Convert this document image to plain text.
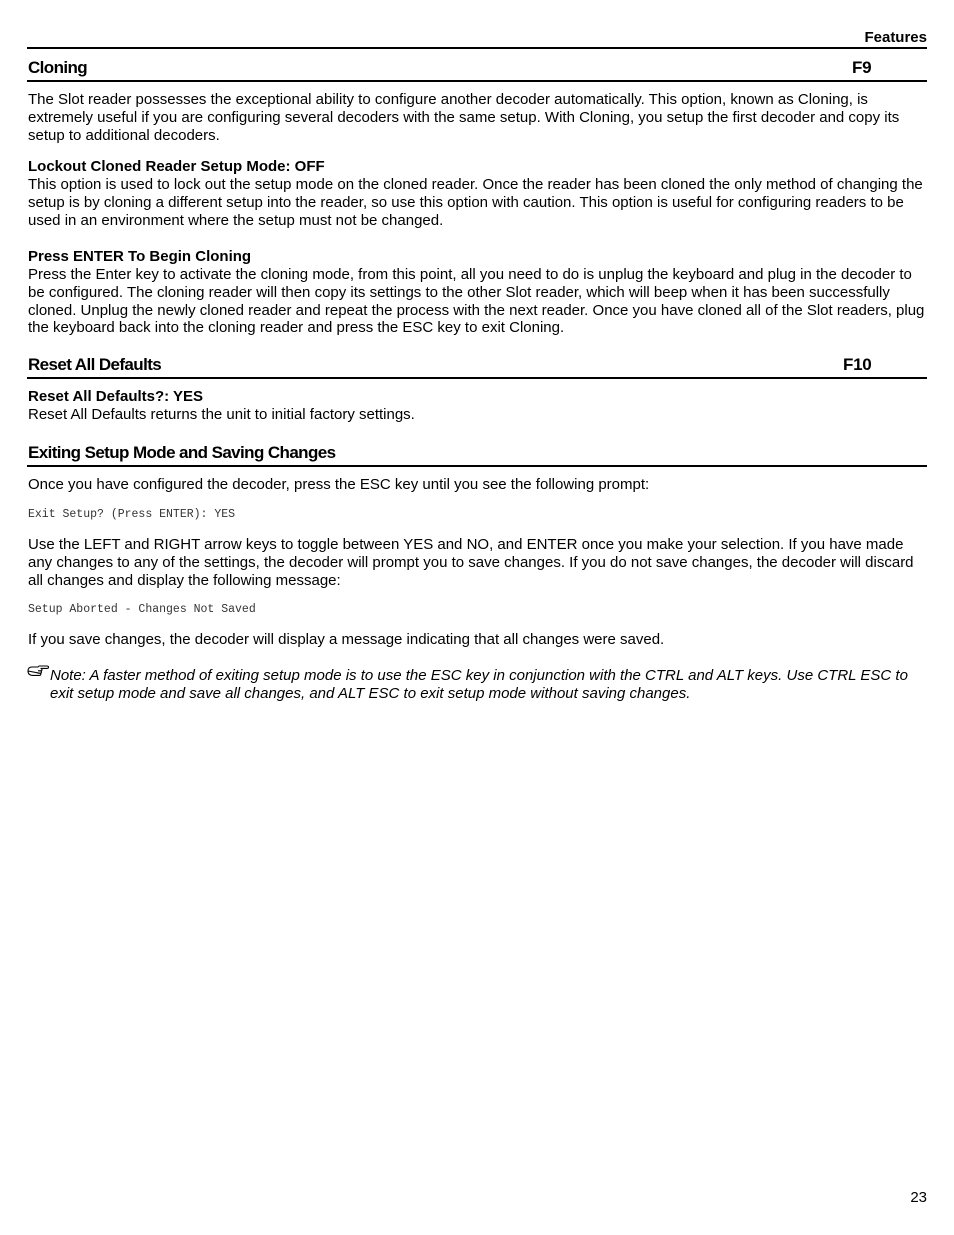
Features
Cloning	F9

The Slot reader possesses the exceptional ability to configure another decoder automatically. This option, known as Cloning, is extremely useful if you are configuring several decoders with the same setup. With Cloning, you setup the first decoder and copy its setup to additional decoders.

Lockout Cloned Reader Setup Mode: OFF

This option is used to lock out the setup mode on the cloned reader. Once the reader has been cloned the only method of changing the setup is by cloning a different setup into the reader, so use this option with caution. This option is useful for configuring readers to be used in an environment where the setup must not be changed.

Press ENTER To Begin Cloning

Press the Enter key to activate the cloning mode, from this point, all you need to do is unplug the keyboard and plug in the decoder to be configured. The cloning reader will then copy its settings to the other Slot reader, which will beep when it has been successfully cloned. Unplug the newly cloned reader and repeat the process with the next reader. Once you have cloned all of the Slot readers, plug the keyboard back into the cloning reader and press the ESC key to exit Cloning.

Reset All Defaults	F10
Reset All Defaults?: YES

Reset All Defaults returns the unit to initial factory settings.

Exiting Setup Mode and Saving Changes

Once you have configured the decoder, press the ESC key until you see the following prompt:

Exit Setup? (Press ENTER): YES

Use the LEFT and RIGHT arrow keys to toggle between YES and NO, and ENTER once you make your selection. If you have made any changes to any of the settings, the decoder will prompt you to save changes. If you do not save changes, the decoder will discard all changes and display the following message:

Setup Aborted - Changes Not Saved

If you save changes, the decoder will display a message indicating that all changes were saved.

Note: A faster method of exiting setup mode is to use the ESC key in conjunction with the CTRL and ALT keys. Use CTRL ESC to exit setup mode and save all changes, and ALT ESC to exit setup mode without saving changes.

23
